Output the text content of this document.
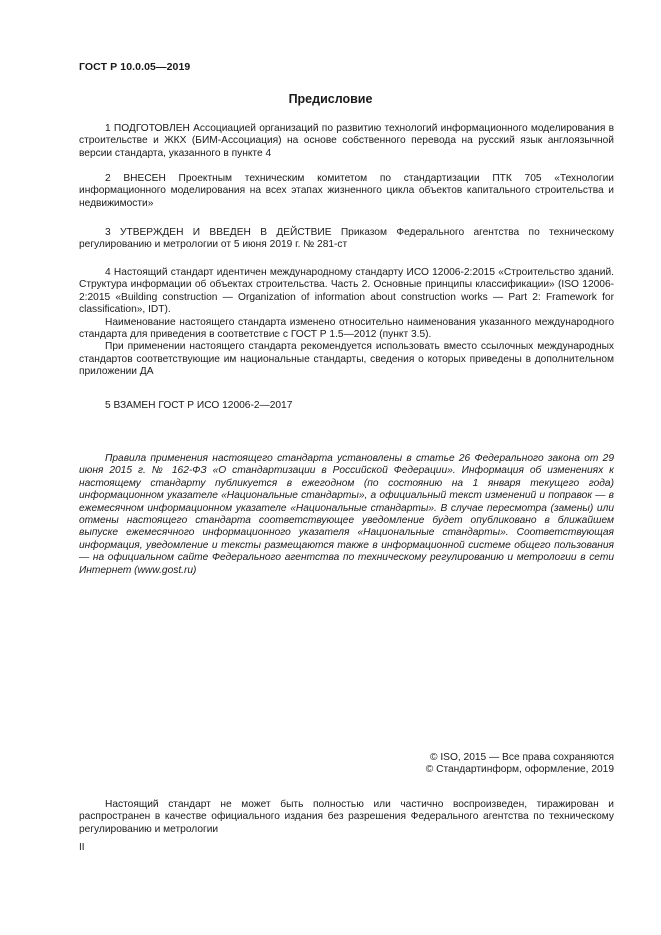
ГОСТ Р 10.0.05—2019
Предисловие

1 ПОДГОТОВЛЕН Ассоциацией организаций по развитию технологий информационного моделирования в строительстве и ЖКХ (БИМ-Ассоциация) на основе собственного перевода на русский язык англоязычной версии стандарта, указанного в пункте 4

2 ВНЕСЕН Проектным техническим комитетом по стандартизации ПТК 705 «Технологии информационного моделирования на всех этапах жизненного цикла объектов капитального строительства и недвижимости»

3 УТВЕРЖДЕН И ВВЕДЕН В ДЕЙСТВИЕ Приказом Федерального агентства по техническому регулированию и метрологии от 5 июня 2019 г. № 281-ст

4 Настоящий стандарт идентичен международному стандарту ИСО 12006-2:2015 «Строительство зданий. Структура информации об объектах строительства. Часть 2. Основные принципы классификации» (ISO 12006-2:2015 «Building construction — Organization of information about construction works — Part 2: Framework for classification», IDT).

Наименование настоящего стандарта изменено относительно наименования указанного международного стандарта для приведения в соответствие с ГОСТ Р 1.5—2012 (пункт 3.5).

При применении настоящего стандарта рекомендуется использовать вместо ссылочных международных стандартов соответствующие им национальные стандарты, сведения о которых приведены в дополнительном приложении ДА

5 ВЗАМЕН ГОСТ Р ИСО 12006-2—2017

Правила применения настоящего стандарта установлены в статье 26 Федерального закона от 29 июня 2015 г. № 162-ФЗ «О стандартизации в Российской Федерации». Информация об изменениях к настоящему стандарту публикуется в ежегодном (по состоянию на 1 января текущего года) информационном указателе «Национальные стандарты», а официальный текст изменений и поправок — в ежемесячном информационном указателе «Национальные стандарты». В случае пересмотра (замены) или отмены настоящего стандарта соответствующее уведомление будет опубликовано в ближайшем выпуске ежемесячного информационного указателя «Национальные стандарты». Соответствующая информация, уведомление и тексты размещаются также в информационной системе общего пользования — на официальном сайте Федерального агентства по техническому регулированию и метрологии в сети Интернет (www.gost.ru)

© ISO, 2015 — Все права сохраняются
© Стандартинформ, оформление, 2019

Настоящий стандарт не может быть полностью или частично воспроизведен, тиражирован и распространен в качестве официального издания без разрешения Федерального агентства по техническому регулированию и метрологии

II
